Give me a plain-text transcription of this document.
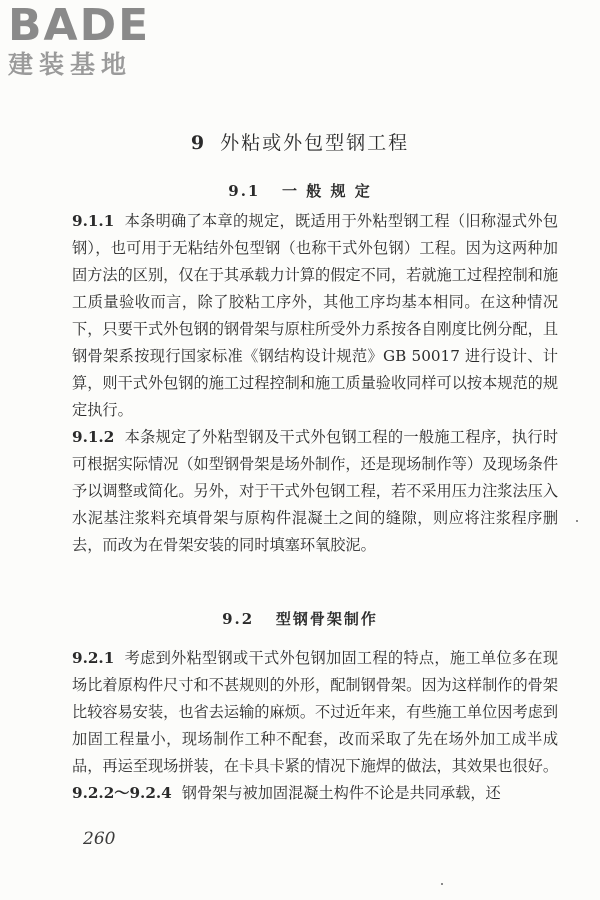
BADE
建装基地
9 外粘或外包型钢工程
9.1 一 般 规 定

9.1.1 本条明确了本章的规定，既适用于外粘型钢工程（旧称湿式外包钢），也可用于无粘结外包型钢（也称干式外包钢）工程。因为这两种加固方法的区别，仅在于其承载力计算的假定不同，若就施工过程控制和施工质量验收而言，除了胶粘工序外，其他工序均基本相同。在这种情况下，只要干式外包钢的钢骨架与原柱所受外力系按各自刚度比例分配，且钢骨架系按现行国家标准《钢结构设计规范》GB 50017 进行设计、计算，则干式外包钢的施工过程控制和施工质量验收同样可以按本规范的规定执行。

9.1.2 本条规定了外粘型钢及干式外包钢工程的一般施工程序，执行时可根据实际情况（如型钢骨架是场外制作，还是现场制作等）及现场条件予以调整或简化。另外，对于干式外包钢工程，若不采用压力注浆法压入水泥基注浆料充填骨架与原构件混凝土之间的缝隙，则应将注浆程序删去，而改为在骨架安装的同时填塞环氧胶泥。

9.2 型钢骨架制作

9.2.1 考虑到外粘型钢或干式外包钢加固工程的特点，施工单位多在现场比着原构件尺寸和不甚规则的外形，配制钢骨架。因为这样制作的骨架比较容易安装，也省去运输的麻烦。不过近年来，有些施工单位因考虑到加固工程量小，现场制作工种不配套，改而采取了先在场外加工成半成品，再运至现场拼装，在卡具卡紧的情况下施焊的做法，其效果也很好。

9.2.2～9.2.4 钢骨架与被加固混凝土构件不论是共同承载，还

260
